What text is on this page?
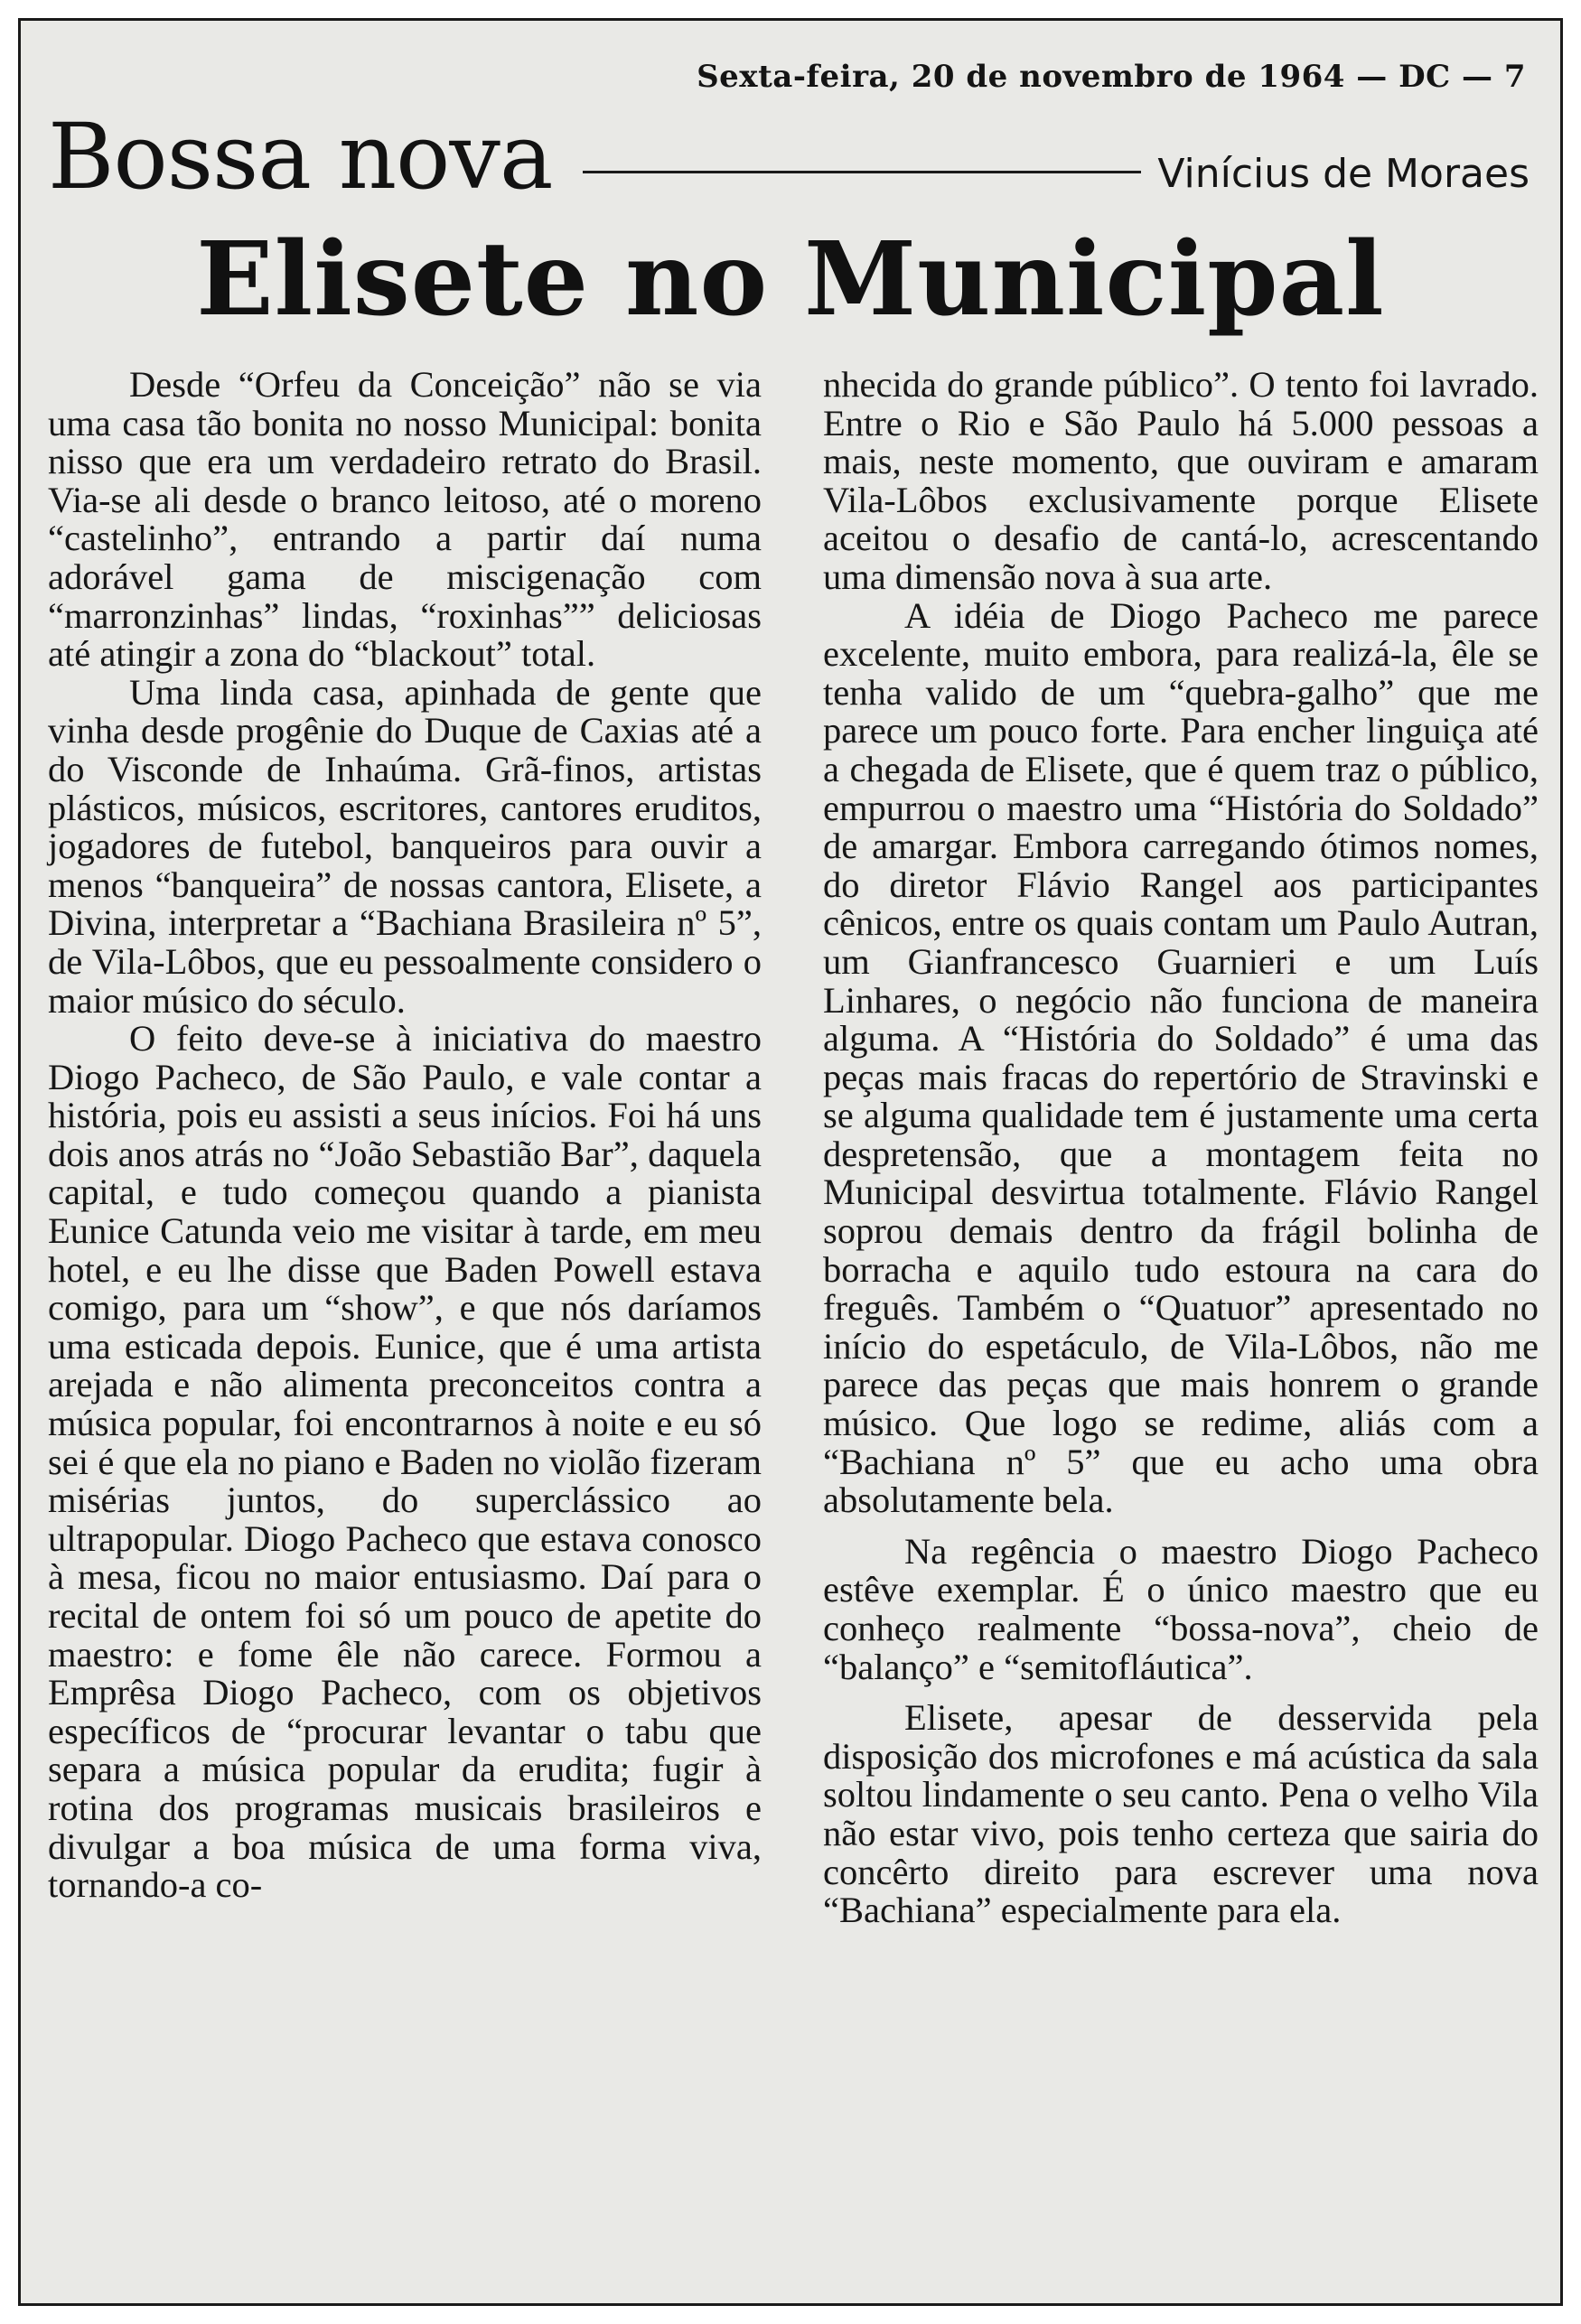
Sexta-feira, 20 de novembro de 1964 — DC — 7
Bossa nova	Vinícius de Moraes
Elisete no Municipal

Desde “Orfeu da Conceição” não se via uma casa tão bonita no nosso Municipal: bonita nisso que era um verdadeiro retrato do Brasil. Via-se ali desde o branco leitoso, até o moreno “castelinho”, entrando a partir daí numa adorável gama de miscigenação com “marronzinhas” lindas, “roxinhas”” deliciosas até atingir a zona do “blackout” total.

Uma linda casa, apinhada de gente que vinha desde progênie do Duque de Caxias até a do Visconde de Inhaúma. Grã-finos, artistas plásticos, músicos, escritores, cantores eruditos, jogadores de futebol, banqueiros para ouvir a menos “banqueira” de nossas cantora, Elisete, a Divina, interpretar a “Bachiana Brasileira nº 5”, de Vila-Lôbos, que eu pessoalmente considero o maior músico do século.

O feito deve-se à iniciativa do maestro Diogo Pacheco, de São Paulo, e vale contar a história, pois eu assisti a seus inícios. Foi há uns dois anos atrás no “João Sebastião Bar”, daquela capital, e tudo começou quando a pianista Eunice Catunda veio me visitar à tarde, em meu hotel, e eu lhe disse que Baden Powell estava comigo, para um “show”, e que nós daríamos uma esticada depois. Eunice, que é uma artista arejada e não alimenta preconceitos contra a música popular, foi encontrarnos à noite e eu só sei é que ela no piano e Baden no violão fizeram misérias juntos, do superclássico ao ultrapopular. Diogo Pacheco que estava conosco à mesa, ficou no maior entusiasmo. Daí para o recital de ontem foi só um pouco de apetite do maestro: e fome êle não carece. Formou a Emprêsa Diogo Pacheco, com os objetivos específicos de “procurar levantar o tabu que separa a música popular da erudita; fugir à rotina dos programas musicais brasileiros e divulgar a boa música de uma forma viva, tornando-a co-

nhecida do grande público”. O tento foi lavrado. Entre o Rio e São Paulo há 5.000 pessoas a mais, neste momento, que ouviram e amaram Vila-Lôbos exclusivamente porque Elisete aceitou o desafio de cantá-lo, acrescentando uma dimensão nova à sua arte.

A idéia de Diogo Pacheco me parece excelente, muito embora, para realizá-la, êle se tenha valido de um “quebra-galho” que me parece um pouco forte. Para encher linguiça até a chegada de Elisete, que é quem traz o público, empurrou o maestro uma “História do Soldado” de amargar. Embora carregando ótimos nomes, do diretor Flávio Rangel aos participantes cênicos, entre os quais contam um Paulo Autran, um Gianfrancesco Guarnieri e um Luís Linhares, o negócio não funciona de maneira alguma. A “História do Soldado” é uma das peças mais fracas do repertório de Stravinski e se alguma qualidade tem é justamente uma certa despretensão, que a montagem feita no Municipal desvirtua totalmente. Flávio Rangel soprou demais dentro da frágil bolinha de borracha e aquilo tudo estoura na cara do freguês. Também o “Quatuor” apresentado no início do espetáculo, de Vila-Lôbos, não me parece das peças que mais honrem o grande músico. Que logo se redime, aliás com a “Bachiana nº 5” que eu acho uma obra absolutamente bela.

Na regência o maestro Diogo Pacheco estêve exemplar. É o único maestro que eu conheço realmente “bossa-nova”, cheio de “balanço” e “semitofláutica”.

Elisete, apesar de desservida pela disposição dos microfones e má acústica da sala soltou lindamente o seu canto. Pena o velho Vila não estar vivo, pois tenho certeza que sairia do concêrto direito para escrever uma nova “Bachiana” especialmente para ela.
